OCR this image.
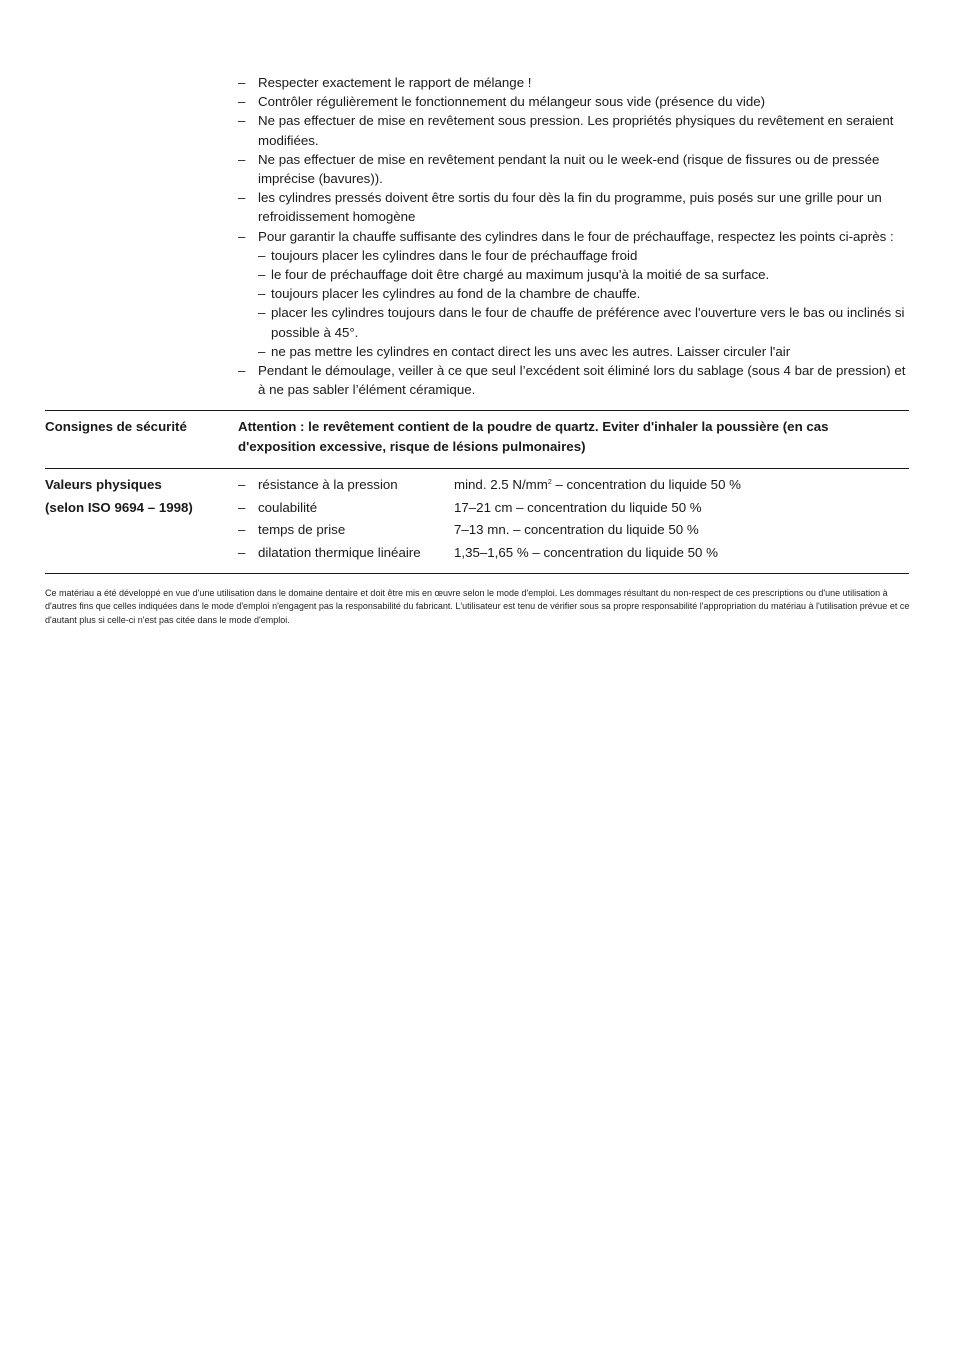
– Respecter exactement le rapport de mélange !
– Contrôler régulièrement le fonctionnement du mélangeur sous vide (présence du vide)
– Ne pas effectuer de mise en revêtement sous pression. Les propriétés physiques du revêtement en seraient modifiées.
– Ne pas effectuer de mise en revêtement pendant la nuit ou le week-end (risque de fissures ou de pressée imprécise (bavures)).
– les cylindres pressés doivent être sortis du four dès la fin du programme, puis posés sur une grille pour un refroidissement homogène
– Pour garantir la chauffe suffisante des cylindres dans le four de préchauffage, respectez les points ci-après :
– toujours placer les cylindres dans le four de préchauffage froid
– le four de préchauffage doit être chargé au maximum jusqu'à la moitié de sa surface.
– toujours placer les cylindres au fond de la chambre de chauffe.
– placer les cylindres toujours dans le four de chauffe de préférence avec l'ouverture vers le bas ou inclinés si possible à 45°.
– ne pas mettre les cylindres en contact direct les uns avec les autres. Laisser circuler l'air
– Pendant le démoulage, veiller à ce que seul l’excédent soit éliminé lors du sablage (sous 4 bar de pression) et à ne pas sabler l’élément céramique.
Consignes de sécurité	Attention : le revêtement contient de la poudre de quartz. Eviter d'inhaler la poussière (en cas d'exposition excessive, risque de lésions pulmonaires)
Valeurs physiques
(selon ISO 9694 – 1998)
– résistance à la pression	mind. 2.5 $N/mm^2$ – concentration du liquide 50 %
– coulabilité	17–21 cm – concentration du liquide 50 %
– temps de prise	7–13 mn. – concentration du liquide 50 %
– dilatation thermique linéaire	1,35–1,65 % – concentration du liquide 50 %
Ce matériau a été développé en vue d'une utilisation dans le domaine dentaire et doit être mis en œuvre selon le mode d'emploi. Les dommages résultant du non-respect de ces prescriptions ou d'une utilisation à d'autres fins que celles indiquées dans le mode d'emploi n'engagent pas la responsabilité du fabricant. L'utilisateur est tenu de vérifier sous sa propre responsabilité l'appropriation du matériau à l'utilisation prévue et ce d'autant plus si celle-ci n'est pas citée dans le mode d'emploi.
